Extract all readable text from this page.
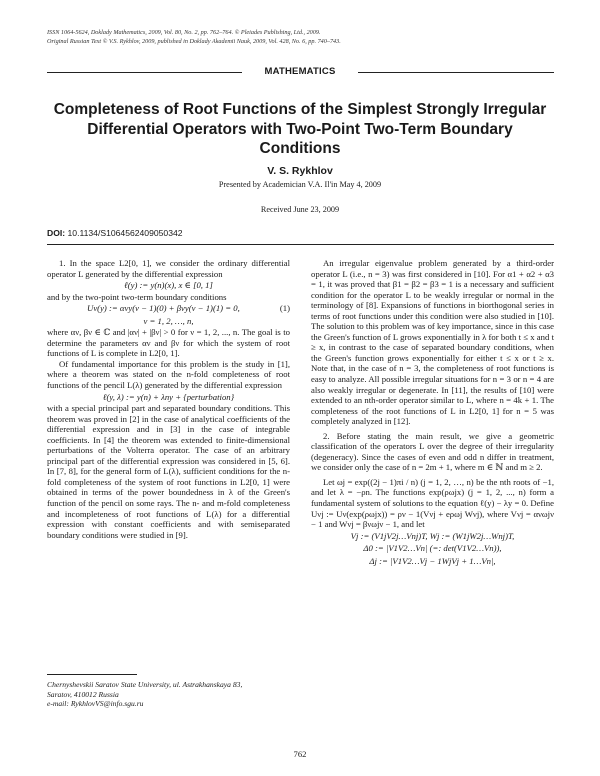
ISSN 1064-5624, Doklady Mathematics, 2009, Vol. 80, No. 2, pp. 762–764. © Pleiades Publishing, Ltd., 2009.
Original Russian Text © V.S. Rykhlov, 2009, published in Doklady Akademii Nauk, 2009, Vol. 428, No. 6, pp. 740–743.
MATHEMATICS
Completeness of Root Functions of the Simplest Strongly Irregular Differential Operators with Two-Point Two-Term Boundary Conditions
V. S. Rykhlov
Presented by Academician V.A. Il'in May 4, 2009
Received June 23, 2009
DOI: 10.1134/S1064562409050342

1. In the space L2[0, 1], we consider the ordinary differential operator L generated by the differential expression

ℓ(y) := y(n)(x), x ∈ [0, 1]

and by the two-point two-term boundary conditions

Uν(y) := ανy(ν − 1)(0) + βνy(ν − 1)(1) = 0,	(1)
ν = 1, 2, …, n,

where αν, βν ∈ ℂ and |αν| + |βν| > 0 for ν = 1, 2, ..., n. The goal is to determine the parameters αν and βν for which the system of root functions of L is complete in L2[0, 1].

Of fundamental importance for this problem is the study in [1], where a theorem was stated on the n-fold completeness of root functions of the pencil L(λ) generated by the differential expression

ℓ(y, λ) := y(n) + λny + {perturbation}

with a special principal part and separated boundary conditions. This theorem was proved in [2] in the case of analytical coefficients of the differential expression and in [3] in the case of integrable coefficients. In [4] the theorem was extended to finite-dimensional perturbations of the Volterra operator. The case of an arbitrary principal part of the differential expression was considered in [5, 6]. In [7, 8], for the general form of L(λ), sufficient conditions for the n-fold completeness of the system of root functions in L2[0, 1] were obtained in terms of the power boundedness in λ of the Green's function of the pencil on some rays. The n- and m-fold completeness and incompleteness of root functions of L(λ) for a differential expression with constant coefficients and with semiseparated boundary conditions were studied in [9].

An irregular eigenvalue problem generated by a third-order operator L (i.e., n = 3) was first considered in [10]. For α1 + α2 + α3 = 1, it was proved that β1 = β2 = β3 = 1 is a necessary and sufficient condition for the operator L to be weakly irregular or normal in the terminology of [8]. Expansions of functions in biorthogonal series in terms of root functions under this condition were also studied in [10]. The solution to this problem was of key importance, since in this case the Green's function of L grows exponentially in λ for both t ≤ x and t ≥ x, in contrast to the case of separated boundary conditions, when the Green's function grows exponentially for either t ≤ x or t ≥ x. Note that, in the case of n = 3, the completeness of root functions is easy to analyze. All possible irregular situations for n = 3 or n = 4 are also weakly irregular or degenerate. In [11], the results of [10] were extended to an nth-order operator similar to L, where n = 4k + 1. The completeness of the root functions of L in L2[0, 1] for n = 5 was completely analyzed in [12].

2. Before stating the main result, we give a geometric classification of the operators L over the degree of their irregularity (degeneracy). Since the cases of even and odd n differ in treatment, we consider only the case of n = 2m + 1, where m ∈ ℕ and m ≥ 2.

Let ωj = exp((2j − 1)πi / n) (j = 1, 2, …, n) be the nth roots of −1, and let λ = −ρn. The functions exp(ρωjx) (j = 1, 2, ..., n) form a fundamental system of solutions to the equation ℓ(y) − λy = 0. Define Uνj := Uν(exp(ρωjx)) = ρν − 1(Vνj + eρωj Wνj), where Vνj = ανωjν − 1 and Wνj = βνωjν − 1, and let

Vj := (V1jV2j…Vnj)T, Wj := (W1jW2j…Wnj)T,
Δ0 := |V1V2…Vn| (=: det(V1V2…Vn)),
Δj := |V1V2…Vj − 1WjVj + 1…Vn|,
Chernyshevskii Saratov State University, ul. Astrakhanskaya 83,
Saratov, 410012 Russia
e-mail: RykhlovVS@info.sgu.ru
762
